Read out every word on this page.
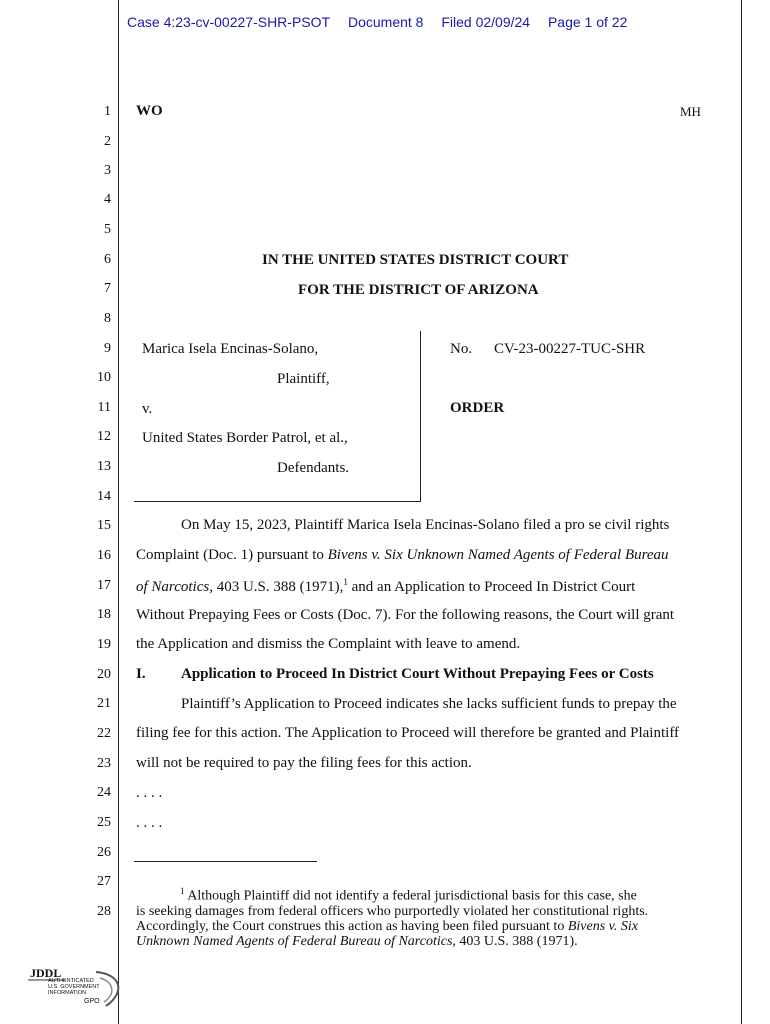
Case 4:23-cv-00227-SHR-PSOT Document 8 Filed 02/09/24 Page 1 of 22
1
2
3
4
5
6
7
8
9
10
11
12
13
14
15
16
17
18
19
20
21
22
23
24
25
26
27
28
WO	MH
IN THE UNITED STATES DISTRICT COURT
FOR THE DISTRICT OF ARIZONA
Marica Isela Encinas-Solano,
Plaintiff,
v.
United States Border Patrol, et al.,
Defendants.
No. CV-23-00227-TUC-SHR
ORDER
On May 15, 2023, Plaintiff Marica Isela Encinas-Solano filed a pro se civil rights
Complaint (Doc. 1) pursuant to Bivens v. Six Unknown Named Agents of Federal Bureau
of Narcotics, 403 U.S. 388 (1971),$^1$ and an Application to Proceed In District Court
Without Prepaying Fees or Costs (Doc. 7). For the following reasons, the Court will grant
the Application and dismiss the Complaint with leave to amend.
I. Application to Proceed In District Court Without Prepaying Fees or Costs
Plaintiff’s Application to Proceed indicates she lacks sufficient funds to prepay the
filing fee for this action. The Application to Proceed will therefore be granted and Plaintiff
will not be required to pay the filing fees for this action.
. . . .
. . . .
$^1$ Although Plaintiff did not identify a federal jurisdictional basis for this case, she
is seeking damages from federal officers who purportedly violated her constitutional rights.
Accordingly, the Court construes this action as having been filed pursuant to Bivens v. Six
Unknown Named Agents of Federal Bureau of Narcotics, 403 U.S. 388 (1971).
JDDL
AUTHENTICATED
U.S. GOVERNMENT
INFORMATION
GPO
